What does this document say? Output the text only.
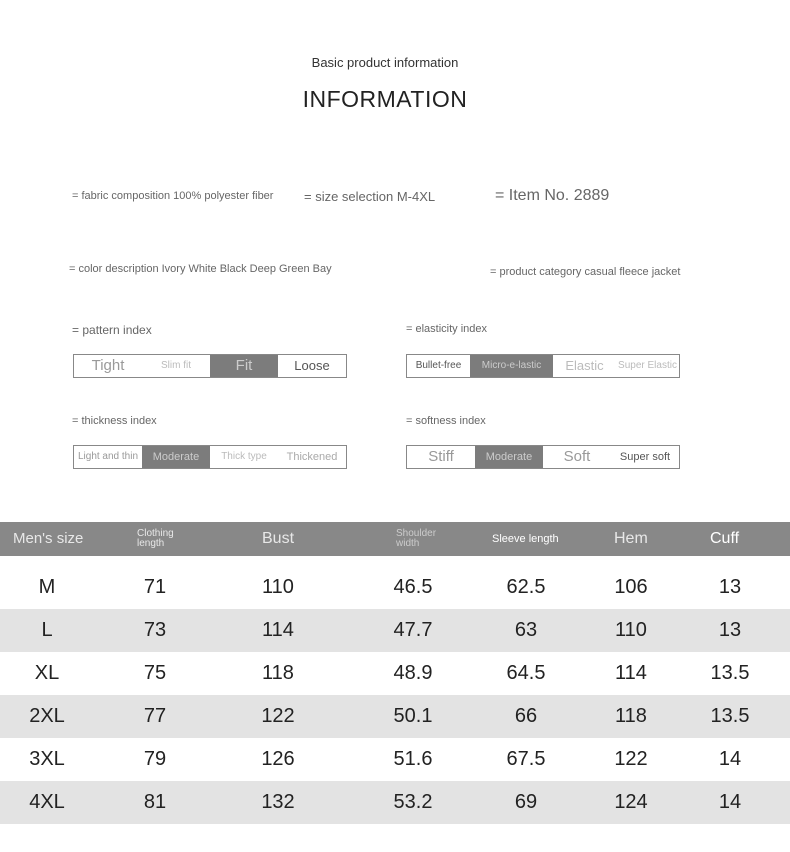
Basic product information
INFORMATION
= fabric composition 100% polyester fiber = size selection M-4XL	= Item No. 2889
= color description Ivory White Black Deep Green Bay	= product category casual fleece jacket
= pattern index
Tight	Slim fit	Fit	Loose
= elasticity index
Bullet-free	Micro-e-lastic	Elastic	Super Elastic
= thickness index
Light and thin	Moderate	Thick type	Thickened
= softness index
Stiff	Moderate	Soft	Super soft
Men's size	Clothing length	Bust	Shoulder width	Sleeve length	Hem	Cuff
M	71	110	46.5	62.5	106	13
L	73	114	47.7	63	110	13
XL	75	118	48.9	64.5	114	13.5
2XL	77	122	50.1	66	118	13.5
3XL	79	126	51.6	67.5	122	14
4XL	81	132	53.2	69	124	14
